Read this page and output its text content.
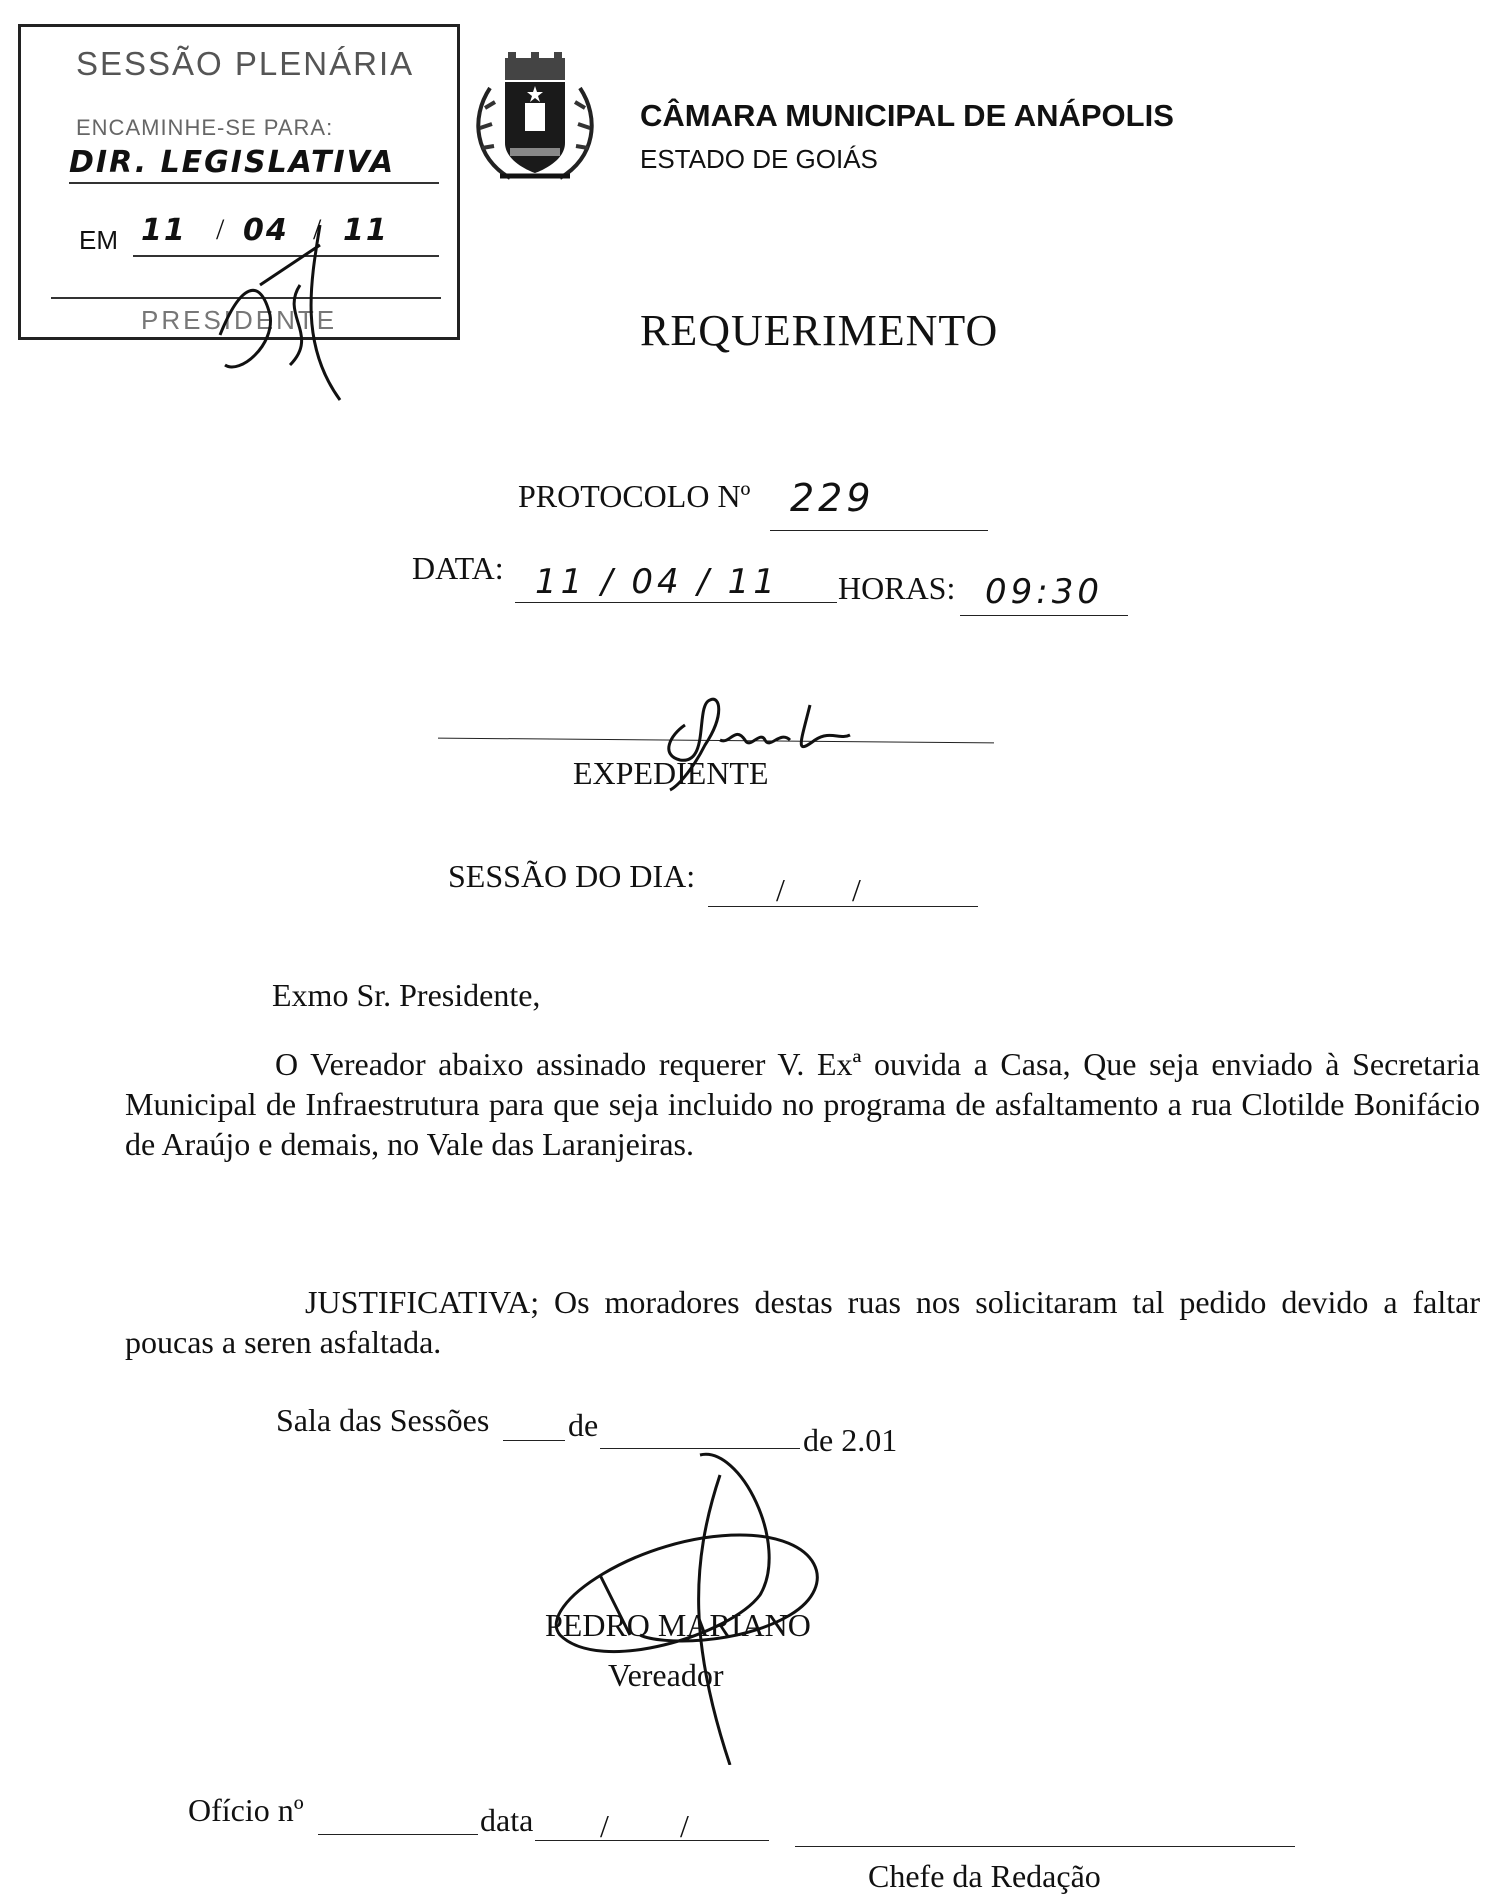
SESSÃO PLENÁRIA
ENCAMINHE-SE PARA:
DIR. LEGISLATIVA
EM 11 / 04 / 11
PRESIDENTE
CÂMARA MUNICIPAL DE ANÁPOLIS
ESTADO DE GOIÁS
REQUERIMENTO
PROTOCOLO Nº 229
DATA: 11 / 04 / 11 HORAS: 09:30
EXPEDIENTE
SESSÃO DO DIA:	/ /
Exmo Sr. Presidente,
O Vereador abaixo assinado requerer V. Exª ouvida a Casa, Que seja enviado à Secretaria Municipal de Infraestrutura para que seja incluido no programa de asfaltamento a rua Clotilde Bonifácio de Araújo e demais, no Vale das Laranjeiras.
JUSTIFICATIVA; Os moradores destas ruas nos solicitaram tal pedido devido a faltar poucas a seren asfaltada.
Sala das Sessões de	de 2.01
PEDRO MARIANO
Vereador
Ofício nº	data / /
Chefe da Redação
